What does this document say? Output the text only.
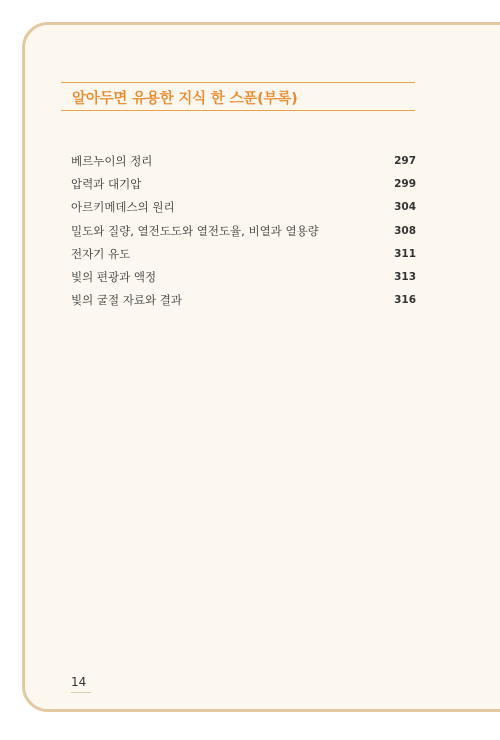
알아두면 유용한 지식 한 스푼(부록)
베르누이의 정리	297
압력과 대기압	299
아르키메데스의 원리	304
밀도와 질량, 열전도도와 열전도율, 비열과 열용량	308
전자기 유도	311
빛의 편광과 액정	313
빛의 굴절 자료와 결과	316
14
